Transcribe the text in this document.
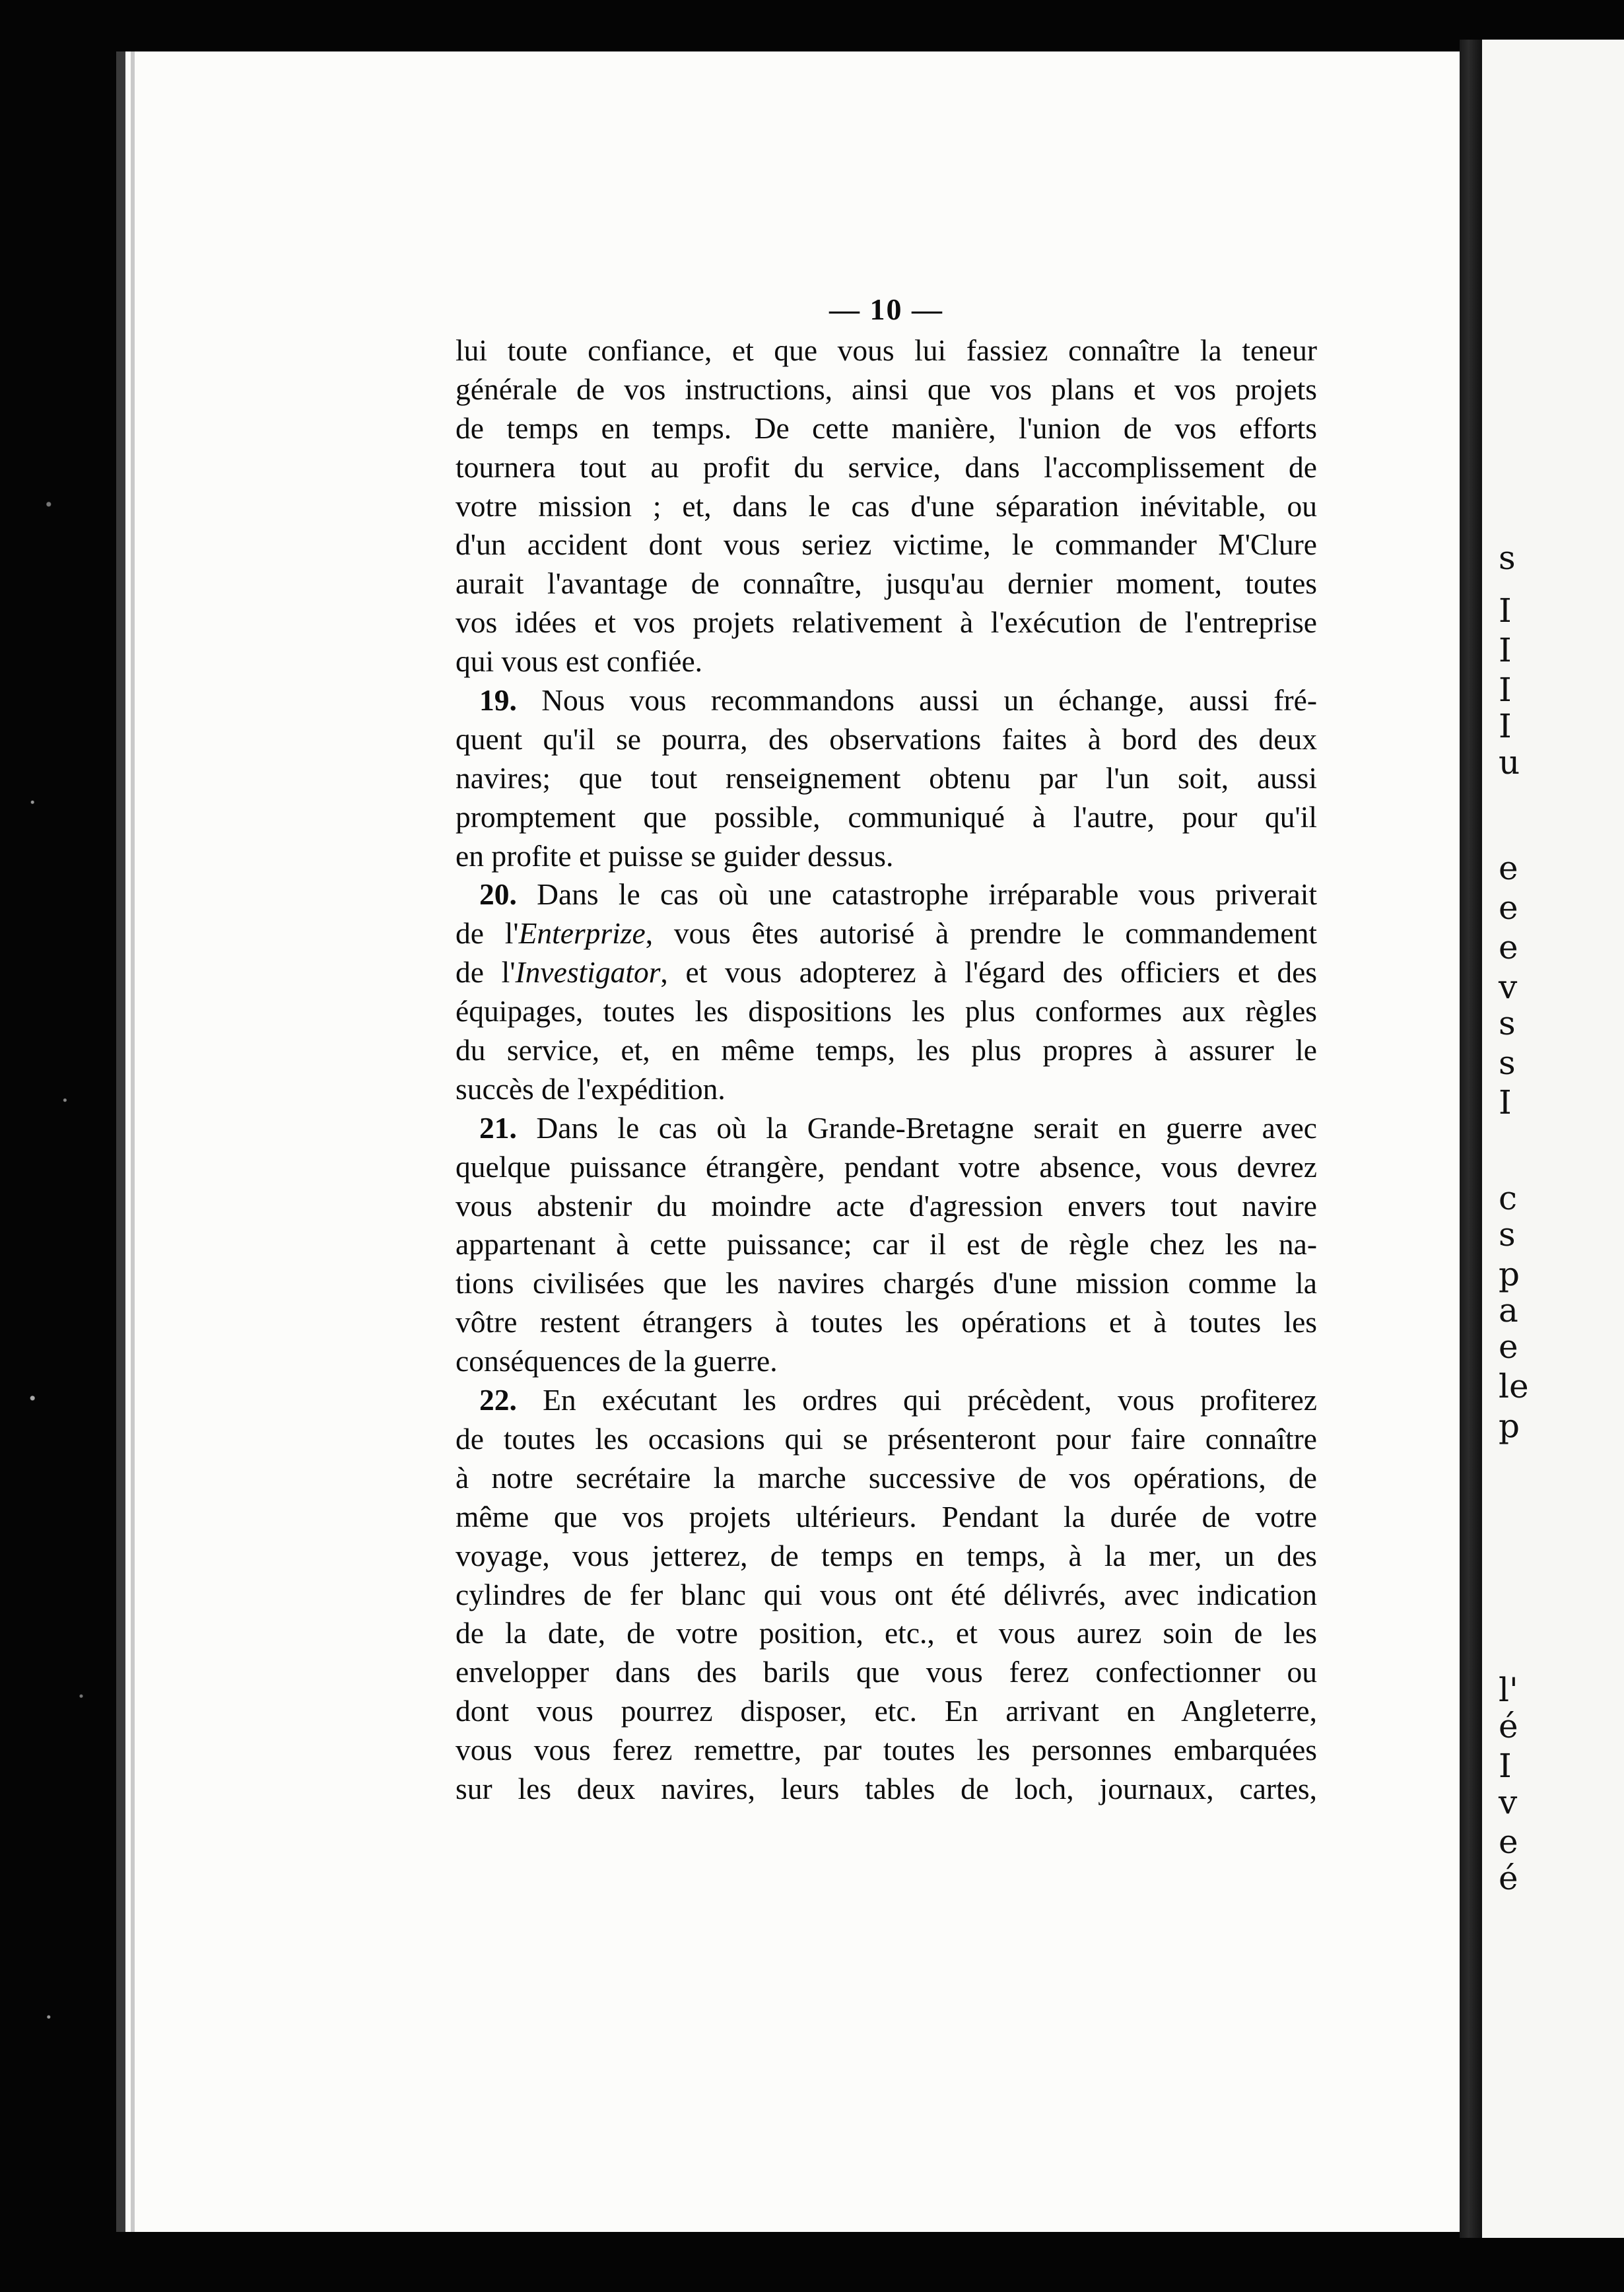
s
I
I
I
I
u
e
e
e
v
s
s
I
c
s
p
a
e
le
p
l'
é
I
v
e
é
— 10 —
lui toute confiance, et que vous lui fassiez connaître la teneur
générale de vos instructions, ainsi que vos plans et vos projets
de temps en temps. De cette manière, l'union de vos efforts
tournera tout au profit du service, dans l'accomplissement de
votre mission ; et, dans le cas d'une séparation inévitable, ou
d'un accident dont vous seriez victime, le commander M'Clure
aurait l'avantage de connaître, jusqu'au dernier moment, toutes
vos idées et vos projets relativement à l'exécution de l'entreprise
qui vous est confiée.
19. Nous vous recommandons aussi un échange, aussi fré-
quent qu'il se pourra, des observations faites à bord des deux
navires; que tout renseignement obtenu par l'un soit, aussi
promptement que possible, communiqué à l'autre, pour qu'il
en profite et puisse se guider dessus.
20. Dans le cas où une catastrophe irréparable vous priverait
de l'Enterprize, vous êtes autorisé à prendre le commandement
de l'Investigator, et vous adopterez à l'égard des officiers et des
équipages, toutes les dispositions les plus conformes aux règles
du service, et, en même temps, les plus propres à assurer le
succès de l'expédition.
21. Dans le cas où la Grande-Bretagne serait en guerre avec
quelque puissance étrangère, pendant votre absence, vous devrez
vous abstenir du moindre acte d'agression envers tout navire
appartenant à cette puissance; car il est de règle chez les na-
tions civilisées que les navires chargés d'une mission comme la
vôtre restent étrangers à toutes les opérations et à toutes les
conséquences de la guerre.
22. En exécutant les ordres qui précèdent, vous profiterez
de toutes les occasions qui se présenteront pour faire connaître
à notre secrétaire la marche successive de vos opérations, de
même que vos projets ultérieurs. Pendant la durée de votre
voyage, vous jetterez, de temps en temps, à la mer, un des
cylindres de fer blanc qui vous ont été délivrés, avec indication
de la date, de votre position, etc., et vous aurez soin de les
envelopper dans des barils que vous ferez confectionner ou
dont vous pourrez disposer, etc. En arrivant en Angleterre,
vous vous ferez remettre, par toutes les personnes embarquées
sur les deux navires, leurs tables de loch, journaux, cartes,
